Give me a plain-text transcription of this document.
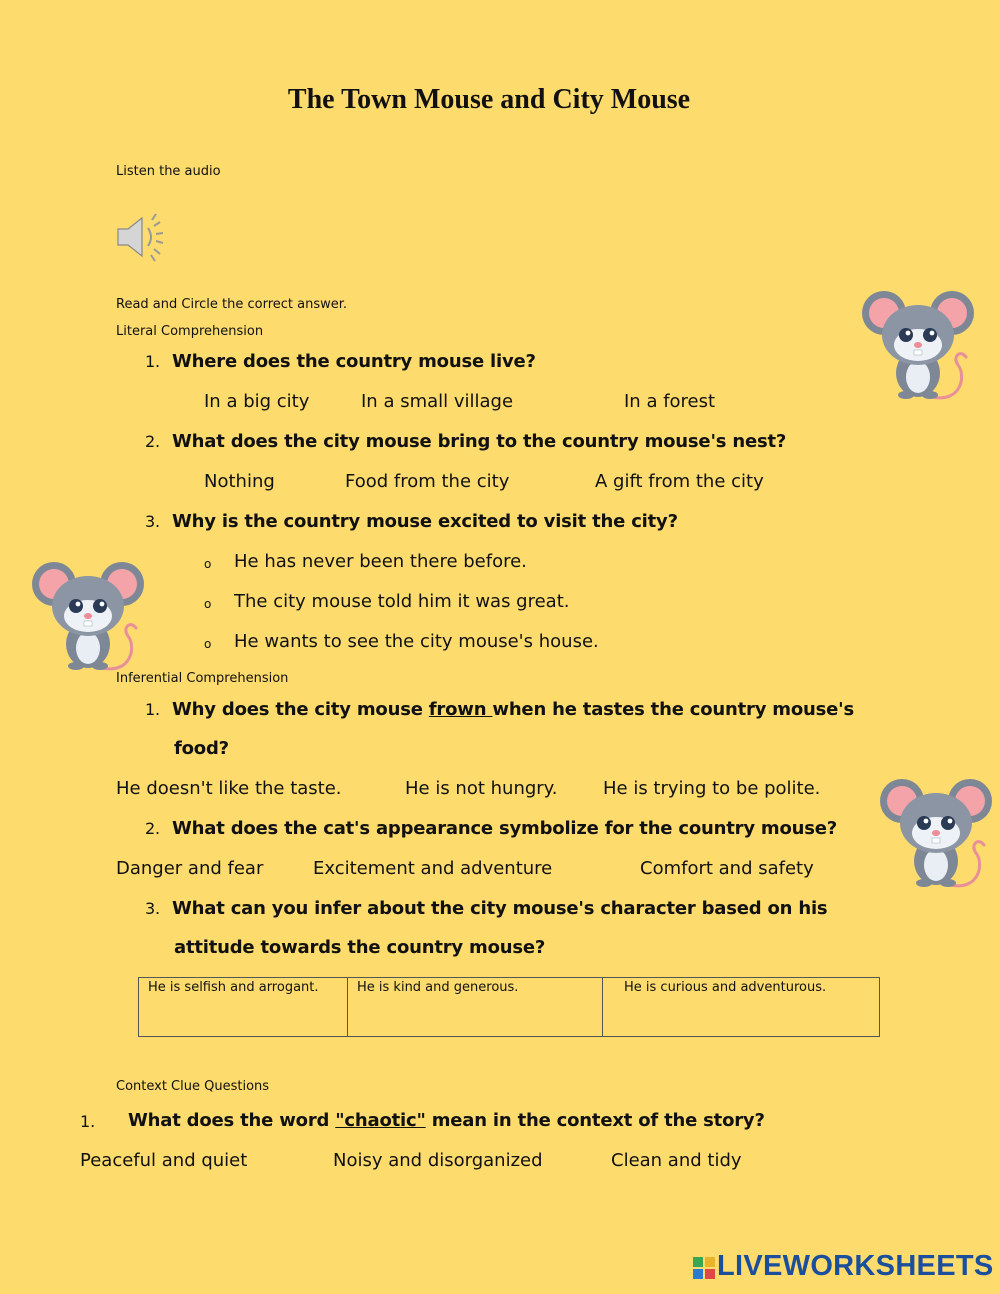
The Town Mouse and City Mouse
Listen the audio
Read and Circle the correct answer.
Literal Comprehension
1. Where does the country mouse live?
In a big city	In a small village	In a forest
2. What does the city mouse bring to the country mouse's nest?
Nothing	Food from the city	A gift from the city
3. Why is the country mouse excited to visit the city?
o He has never been there before.
o The city mouse told him it was great.
o He wants to see the city mouse's house.
Inferential Comprehension
1. Why does the city mouse frown when he tastes the country mouse's
food?
He doesn't like the taste.	He is not hungry.	He is trying to be polite.
2. What does the cat's appearance symbolize for the country mouse?
Danger and fear	Excitement and adventure	Comfort and safety
3. What can you infer about the city mouse's character based on his
attitude towards the country mouse?
He is selfish and arrogant.	He is kind and generous.	He is curious and adventurous.
Context Clue Questions
1. What does the word "chaotic" mean in the context of the story?
Peaceful and quiet	Noisy and disorganized	Clean and tidy
LIVEWORKSHEETS
